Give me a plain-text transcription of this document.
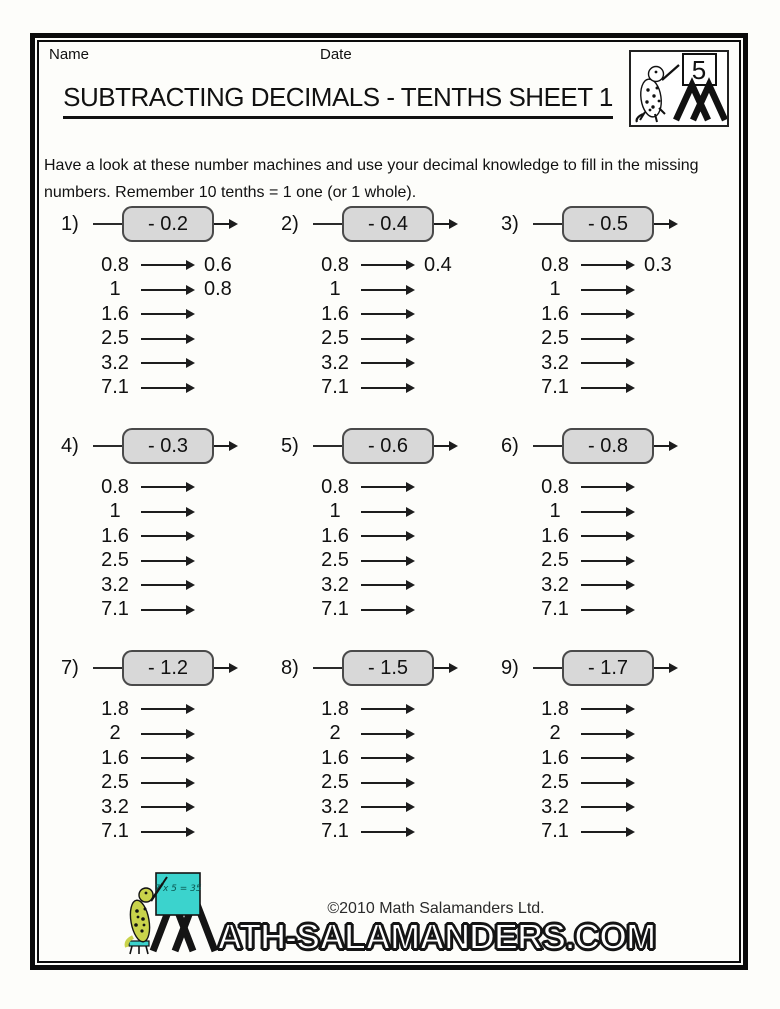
Name	Date
SUBTRACTING DECIMALS - TENTHS SHEET 1
5

Have a look at these number machines and use your decimal knowledge to fill in the missing numbers. Remember 10 tenths = 1 one (or 1 whole).

1)	- 0.2
0.8	0.6
1	0.8
1.6
2.5
3.2
7.1
2)	- 0.4
0.8	0.4
1
1.6
2.5
3.2
7.1
3)	- 0.5
0.8	0.3
1
1.6
2.5
3.2
7.1
4)	- 0.3
0.8
1
1.6
2.5
3.2
7.1
5)	- 0.6
0.8
1
1.6
2.5
3.2
7.1
6)	- 0.8
0.8
1
1.6
2.5
3.2
7.1
7)	- 1.2
1.8
2
1.6
2.5
3.2
7.1
8)	- 1.5
1.8
2
1.6
2.5
3.2
7.1
9)	- 1.7
1.8
2
1.6
2.5
3.2
7.1
7 x 5 = 35
©2010 Math Salamanders Ltd.
ATH-SALAMANDERS.COM
